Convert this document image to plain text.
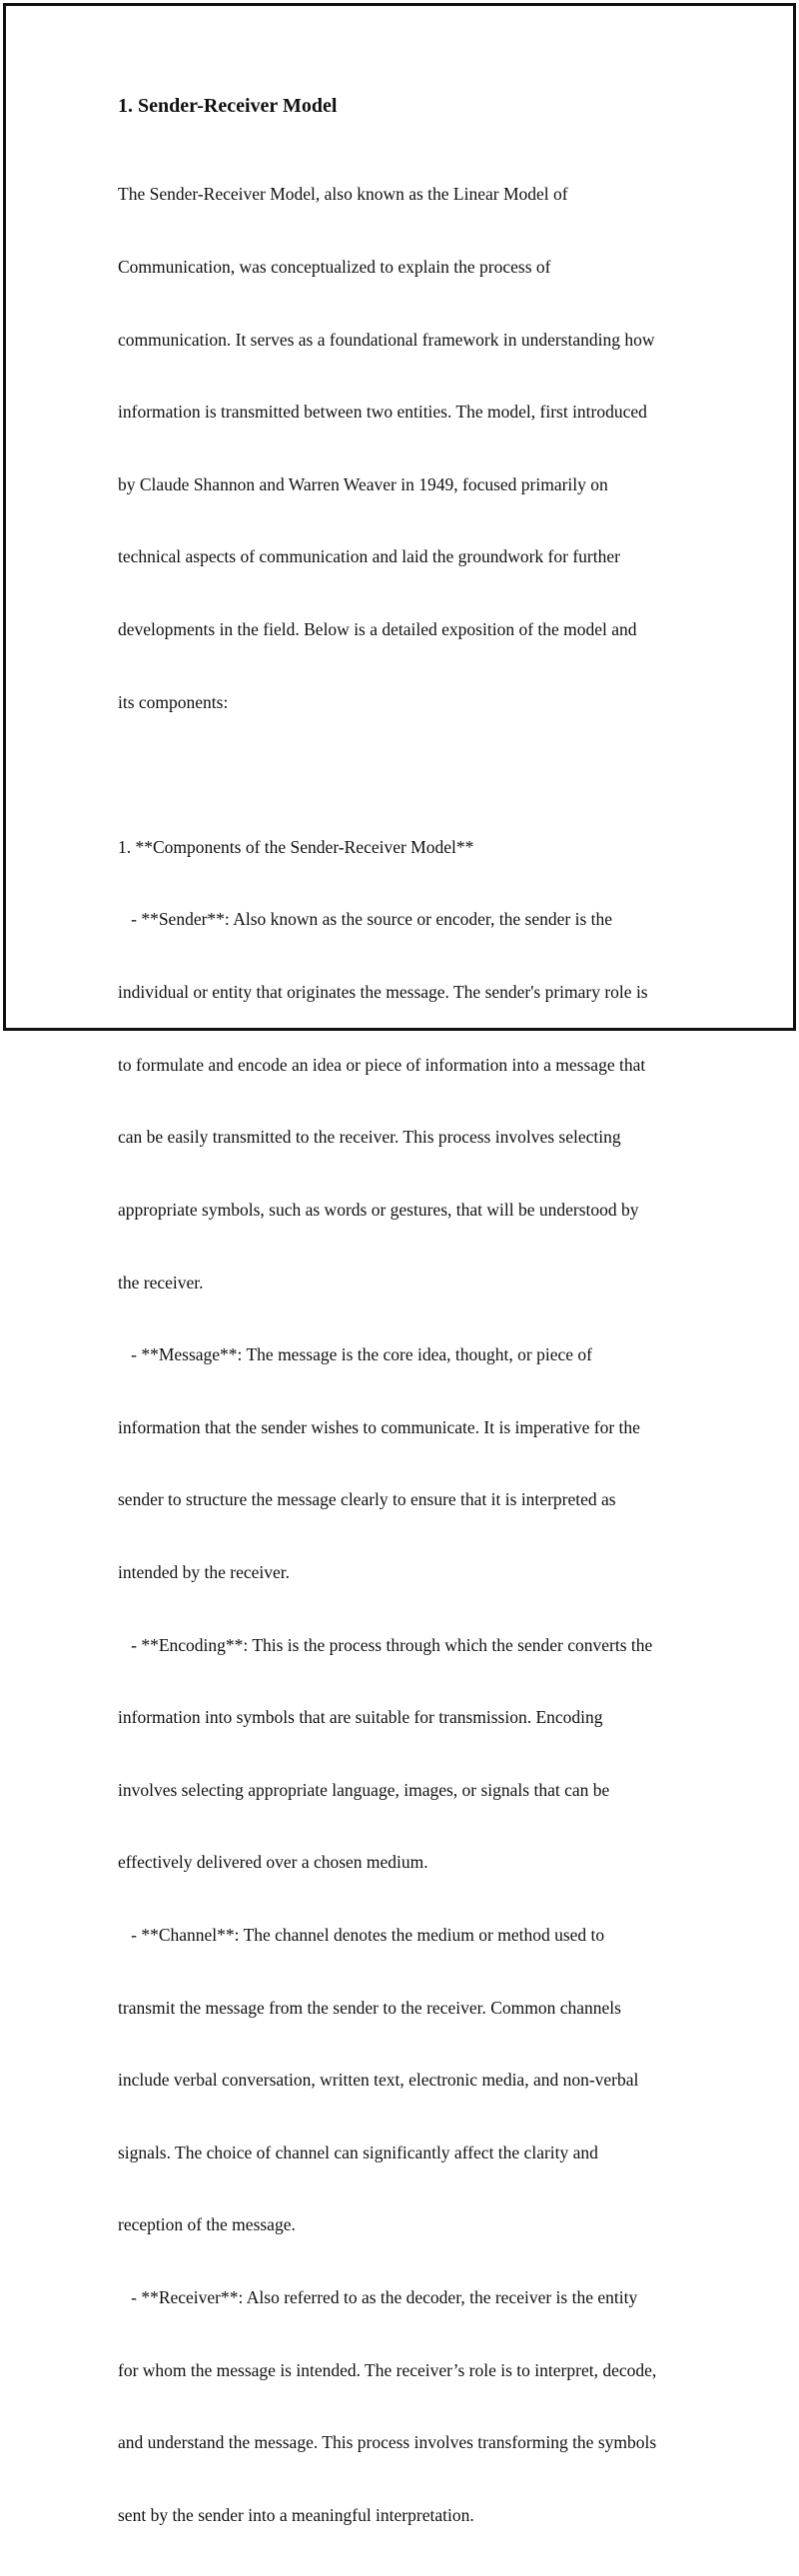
1. Sender-Receiver Model

The Sender-Receiver Model, also known as the Linear Model of

Communication, was conceptualized to explain the process of

communication. It serves as a foundational framework in understanding how

information is transmitted between two entities. The model, first introduced

by Claude Shannon and Warren Weaver in 1949, focused primarily on

technical aspects of communication and laid the groundwork for further

developments in the field. Below is a detailed exposition of the model and

its components:

1. **Components of the Sender-Receiver Model**

- **Sender**: Also known as the source or encoder, the sender is the

individual or entity that originates the message. The sender's primary role is

to formulate and encode an idea or piece of information into a message that

can be easily transmitted to the receiver. This process involves selecting

appropriate symbols, such as words or gestures, that will be understood by

the receiver.

- **Message**: The message is the core idea, thought, or piece of

information that the sender wishes to communicate. It is imperative for the

sender to structure the message clearly to ensure that it is interpreted as

intended by the receiver.

- **Encoding**: This is the process through which the sender converts the

information into symbols that are suitable for transmission. Encoding

involves selecting appropriate language, images, or signals that can be

effectively delivered over a chosen medium.

- **Channel**: The channel denotes the medium or method used to

transmit the message from the sender to the receiver. Common channels

include verbal conversation, written text, electronic media, and non-verbal

signals. The choice of channel can significantly affect the clarity and

reception of the message.

- **Receiver**: Also referred to as the decoder, the receiver is the entity

for whom the message is intended. The receiver’s role is to interpret, decode,

and understand the message. This process involves transforming the symbols

sent by the sender into a meaningful interpretation.
